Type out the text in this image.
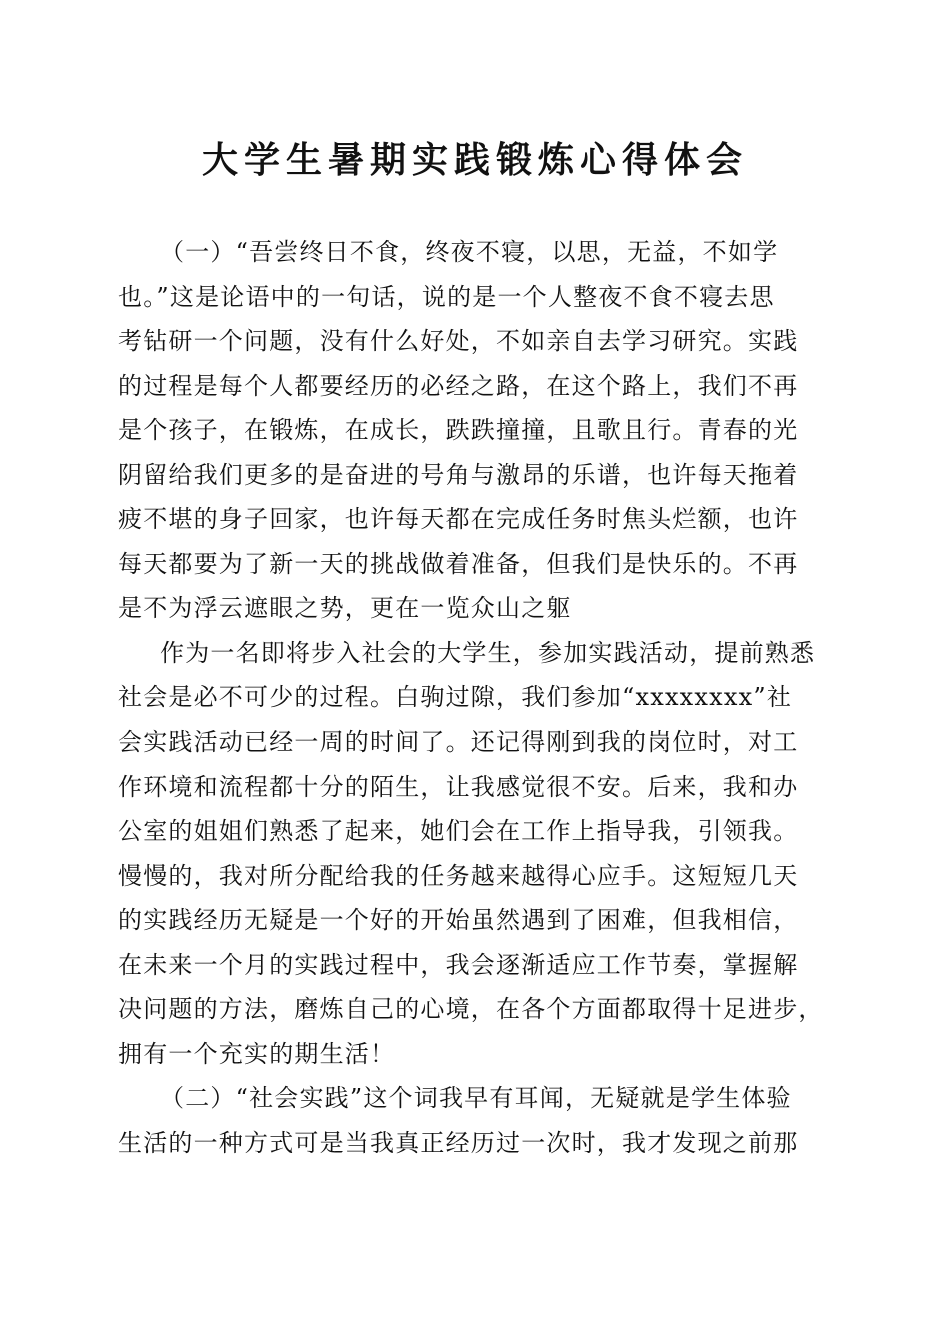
大学生暑期实践锻炼心得体会
（一）“吾尝终日不食，终夜不寝，以思，无益，不如学
也。”这是论语中的一句话，说的是一个人整夜不食不寝去思
考钻研一个问题，没有什么好处，不如亲自去学习研究。实践
的过程是每个人都要经历的必经之路，在这个路上，我们不再
是个孩子，在锻炼，在成长，跌跌撞撞，且歌且行。青春的光
阴留给我们更多的是奋进的号角与激昂的乐谱，也许每天拖着
疲不堪的身子回家，也许每天都在完成任务时焦头烂额，也许
每天都要为了新一天的挑战做着准备，但我们是快乐的。不再
是不为浮云遮眼之势，更在一览众山之躯
作为一名即将步入社会的大学生，参加实践活动，提前熟悉
社会是必不可少的过程。白驹过隙，我们参加“xxxxxxxx”社
会实践活动已经一周的时间了。还记得刚到我的岗位时，对工
作环境和流程都十分的陌生，让我感觉很不安。后来，我和办
公室的姐姐们熟悉了起来，她们会在工作上指导我，引领我。
慢慢的，我对所分配给我的任务越来越得心应手。这短短几天
的实践经历无疑是一个好的开始虽然遇到了困难，但我相信，
在未来一个月的实践过程中，我会逐渐适应工作节奏，掌握解
决问题的方法，磨炼自己的心境，在各个方面都取得十足进步，
拥有一个充实的期生活！
（二）“社会实践”这个词我早有耳闻，无疑就是学生体验
生活的一种方式可是当我真正经历过一次时，我才发现之前那
